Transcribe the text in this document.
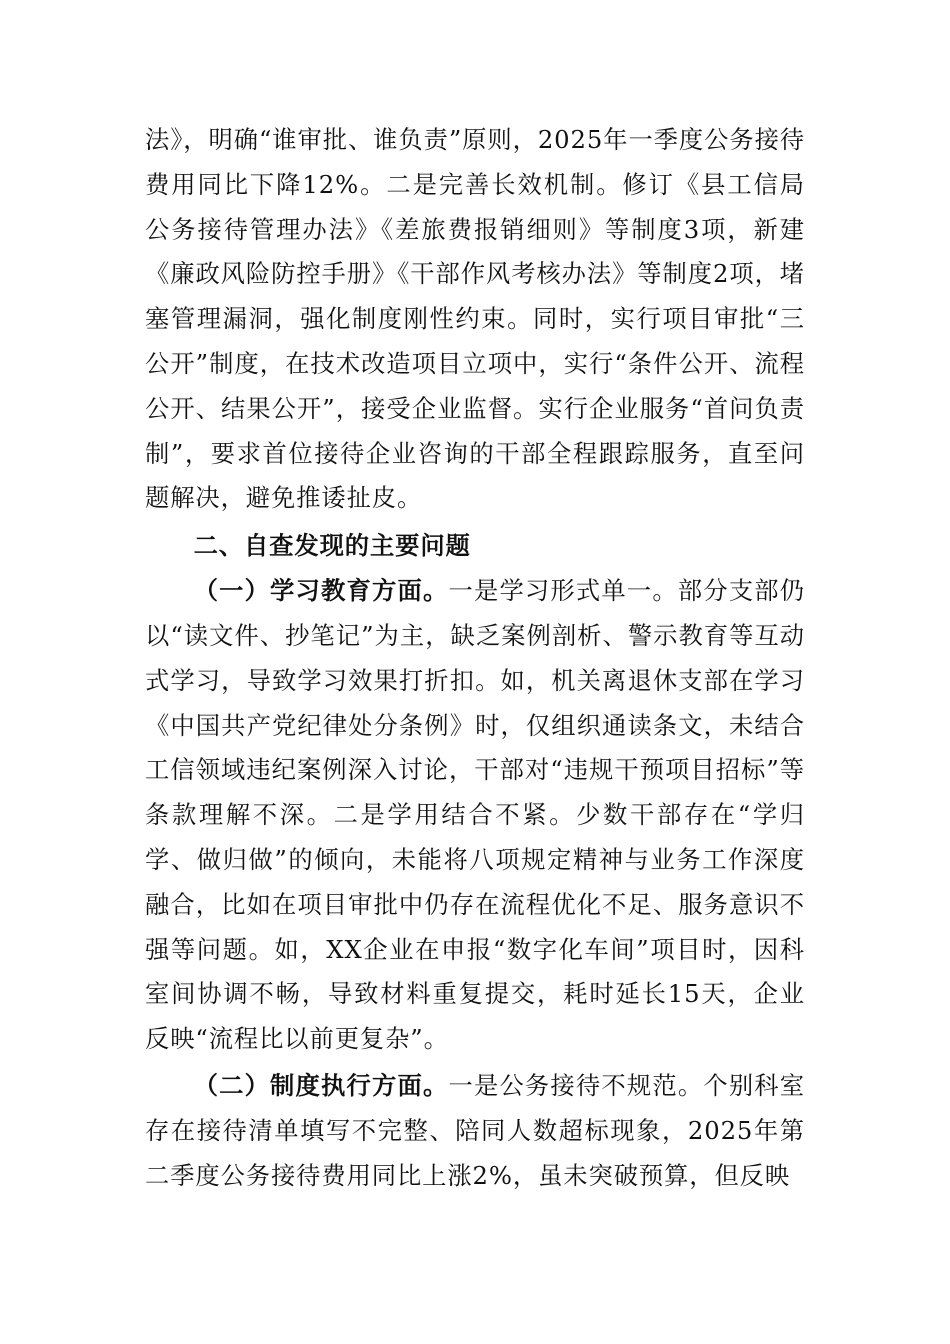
法》，明确“谁审批、谁负责”原则，2025年一季度公务接待费用同比下降12%。二是完善长效机制。修订《县工信局公务接待管理办法》《差旅费报销细则》等制度3项，新建《廉政风险防控手册》《干部作风考核办法》等制度2项，堵塞管理漏洞，强化制度刚性约束。同时，实行项目审批“三公开”制度，在技术改造项目立项中，实行“条件公开、流程公开、结果公开”，接受企业监督。实行企业服务“首问负责制”，要求首位接待企业咨询的干部全程跟踪服务，直至问题解决，避免推诿扯皮。

二、自查发现的主要问题

（一）学习教育方面。一是学习形式单一。部分支部仍以“读文件、抄笔记”为主，缺乏案例剖析、警示教育等互动式学习，导致学习效果打折扣。如，机关离退休支部在学习《中国共产党纪律处分条例》时，仅组织通读条文，未结合工信领域违纪案例深入讨论，干部对“违规干预项目招标”等条款理解不深。二是学用结合不紧。少数干部存在“学归学、做归做”的倾向，未能将八项规定精神与业务工作深度融合，比如在项目审批中仍存在流程优化不足、服务意识不强等问题。如，XX企业在申报“数字化车间”项目时，因科室间协调不畅，导致材料重复提交，耗时延长15天，企业反映“流程比以前更复杂”。

（二）制度执行方面。一是公务接待不规范。个别科室存在接待清单填写不完整、陪同人数超标现象，2025年第二季度公务接待费用同比上涨2%，虽未突破预算，但反映
